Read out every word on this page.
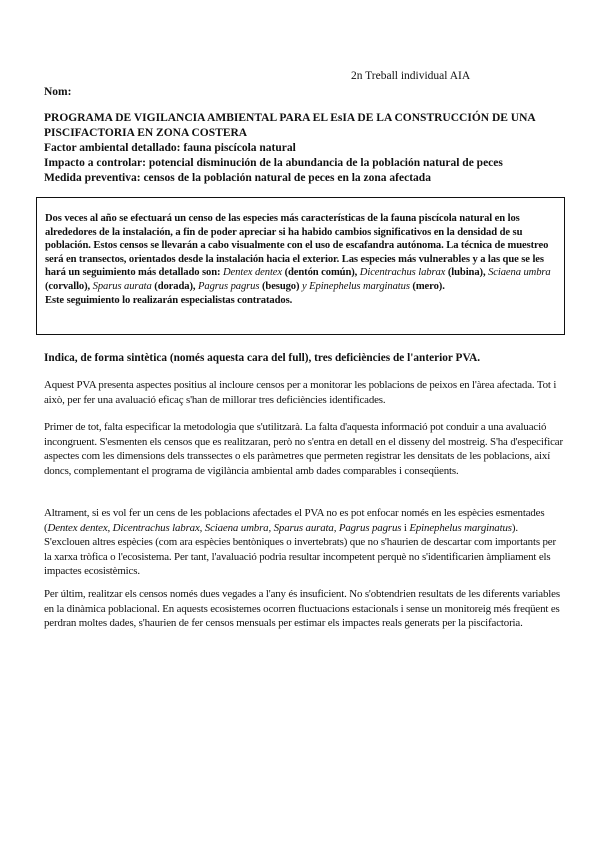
2n Treball individual AIA
Nom:
PROGRAMA DE VIGILANCIA AMBIENTAL PARA EL EsIA DE LA CONSTRUCCIÓN DE UNA
PISCIFACTORIA EN ZONA COSTERA
Factor ambiental detallado: fauna piscícola natural
Impacto a controlar: potencial disminución de la abundancia de la población natural de peces
Medida preventiva: censos de la población natural de peces en la zona afectada
Dos veces al año se efectuará un censo de las especies más características de la fauna piscícola natural en los alrededores de la instalación, a fin de poder apreciar si ha habido cambios significativos en la densidad de su población. Estos censos se llevarán a cabo visualmente con el uso de escafandra autónoma. La técnica de muestreo será en transectos, orientados desde la instalación hacia el exterior. Las especies más vulnerables y a las que se les hará un seguimiento más detallado son: Dentex dentex (dentón común), Dicentrachus labrax (lubina), Sciaena umbra (corvallo), Sparus aurata (dorada), Pagrus pagrus (besugo) y Epinephelus marginatus (mero).
Este seguimiento lo realizarán especialistas contratados.
Indica, de forma sintètica (només aquesta cara del full), tres deficiències de l'anterior PVA.
Aquest PVA presenta aspectes positius al incloure censos per a monitorar les poblacions de peixos en l'àrea afectada. Tot i això, per fer una avaluació eficaç s'han de millorar tres deficiències identificades.
Primer de tot, falta especificar la metodologia que s'utilitzarà. La falta d'aquesta informació pot conduir a una avaluació incongruent. S'esmenten els censos que es realitzaran, però no s'entra en detall en el disseny del mostreig. S'ha d'especificar aspectes com les dimensions dels transsectes o els paràmetres que permeten registrar les densitats de les poblacions, així doncs, complementant el programa de vigilància ambiental amb dades comparables i conseqüents.
Altrament, si es vol fer un cens de les poblacions afectades el PVA no es pot enfocar només en les espècies esmentades (Dentex dentex, Dicentrachus labrax, Sciaena umbra, Sparus aurata, Pagrus pagrus i Epinephelus marginatus). S'exclouen altres espècies (com ara espècies bentòniques o invertebrats) que no s'haurien de descartar com importants per la xarxa tròfica o l'ecosistema. Per tant, l'avaluació podria resultar incompetent perquè no s'identificarien àmpliament els impactes ecosistèmics.
Per últim, realitzar els censos només dues vegades a l'any és insuficient. No s'obtendrien resultats de les diferents variables en la dinàmica poblacional. En aquests ecosistemes ocorren fluctuacions estacionals i sense un monitoreig més freqüent es perdran moltes dades, s'haurien de fer censos mensuals per estimar els impactes reals generats per la piscifactoria.
